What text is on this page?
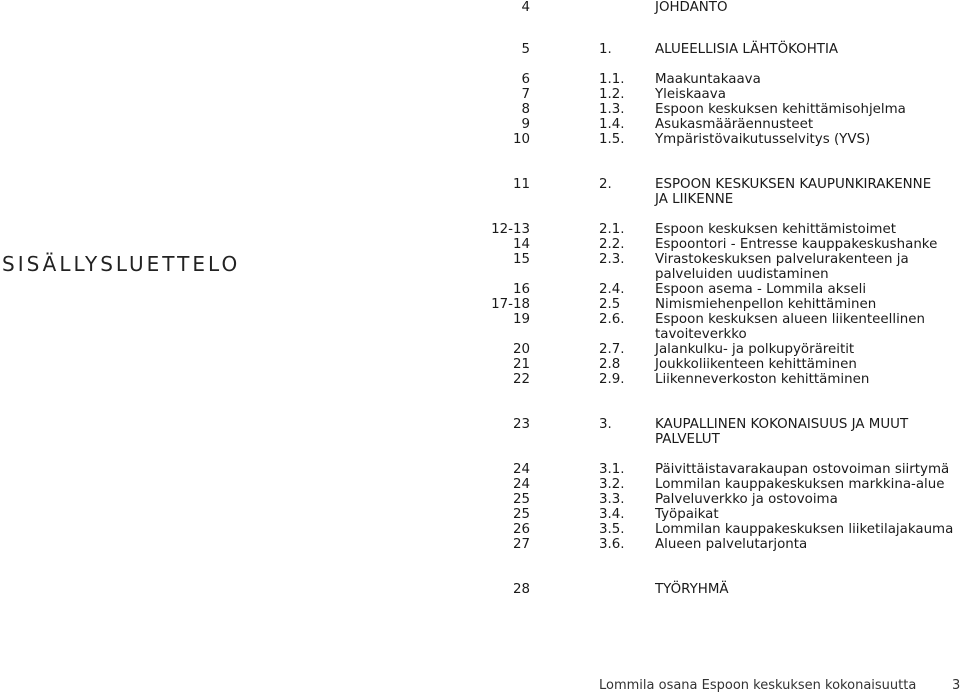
SISÄLLYSLUETTELO
4	JOHDANTO
5	1.	ALUEELLISIA LÄHTÖKOHTIA
6	1.1. Maakuntakaava
7	1.2. Yleiskaava
8	1.3. Espoon keskuksen kehittämisohjelma
9	1.4. Asukasmääräennusteet
10	1.5. Ympäristövaikutusselvitys (YVS)
11	2.	ESPOON KESKUKSEN KAUPUNKIRAKENNE
JA LIIKENNE
12-13	2.1. Espoon keskuksen kehittämistoimet
14	2.2. Espoontori - Entresse kauppakeskushanke
15	2.3. Virastokeskuksen palvelurakenteen ja
palveluiden uudistaminen
16	2.4. Espoon asema - Lommila akseli
17-18	2.5	Nimismiehenpellon kehittäminen
19	2.6. Espoon keskuksen alueen liikenteellinen
tavoiteverkko
20	2.7. Jalankulku- ja polkupyöräreitit
21	2.8	Joukkoliikenteen kehittäminen
22	2.9. Liikenneverkoston kehittäminen
23	3.	KAUPALLINEN KOKONAISUUS JA MUUT
PALVELUT
24	3.1. Päivittäistavarakaupan ostovoiman siirtymä
24	3.2. Lommilan kauppakeskuksen markkina-alue
25	3.3. Palveluverkko ja ostovoima
25	3.4. Työpaikat
26	3.5. Lommilan kauppakeskuksen liiketilajakauma
27	3.6. Alueen palvelutarjonta
28	TYÖRYHMÄ
Lommila osana Espoon keskuksen kokonaisuutta	3
